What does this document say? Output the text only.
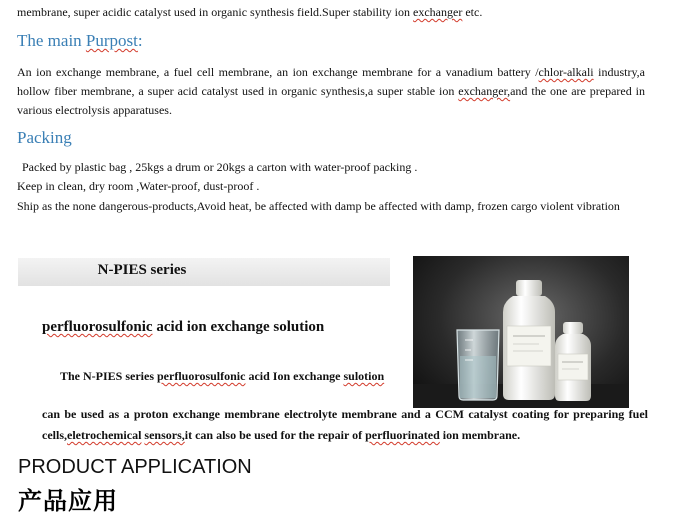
membrane, super acidic catalyst used in organic synthesis field.Super stability ion exchanger etc.
The main Purpost:
An ion exchange membrane, a fuel cell membrane, an ion exchange membrane for a vanadium battery /chlor-alkali industry,a hollow fiber membrane, a super acid catalyst used in organic synthesis,a super stable ion exchanger,and the one are prepared in various electrolysis apparatuses.
Packing
Packed by plastic bag , 25kgs a drum or 20kgs a carton with water-proof packing .
Keep in clean, dry room ,Water-proof, dust-proof .
Ship as the none dangerous-products,Avoid heat, be affected with damp be affected with damp, frozen cargo violent vibration
N-PIES series
perfluorosulfonic acid ion exchange solution
The N-PIES series perfluorosulfonic acid Ion exchange sulotion
can be used as a proton exchange membrane electrolyte membrane and a CCM catalyst coating for preparing fuel cells,eletrochemical sensors,it can also be used for the repair of perfluorinated ion membrane.
PRODUCT APPLICATION
产品应用
